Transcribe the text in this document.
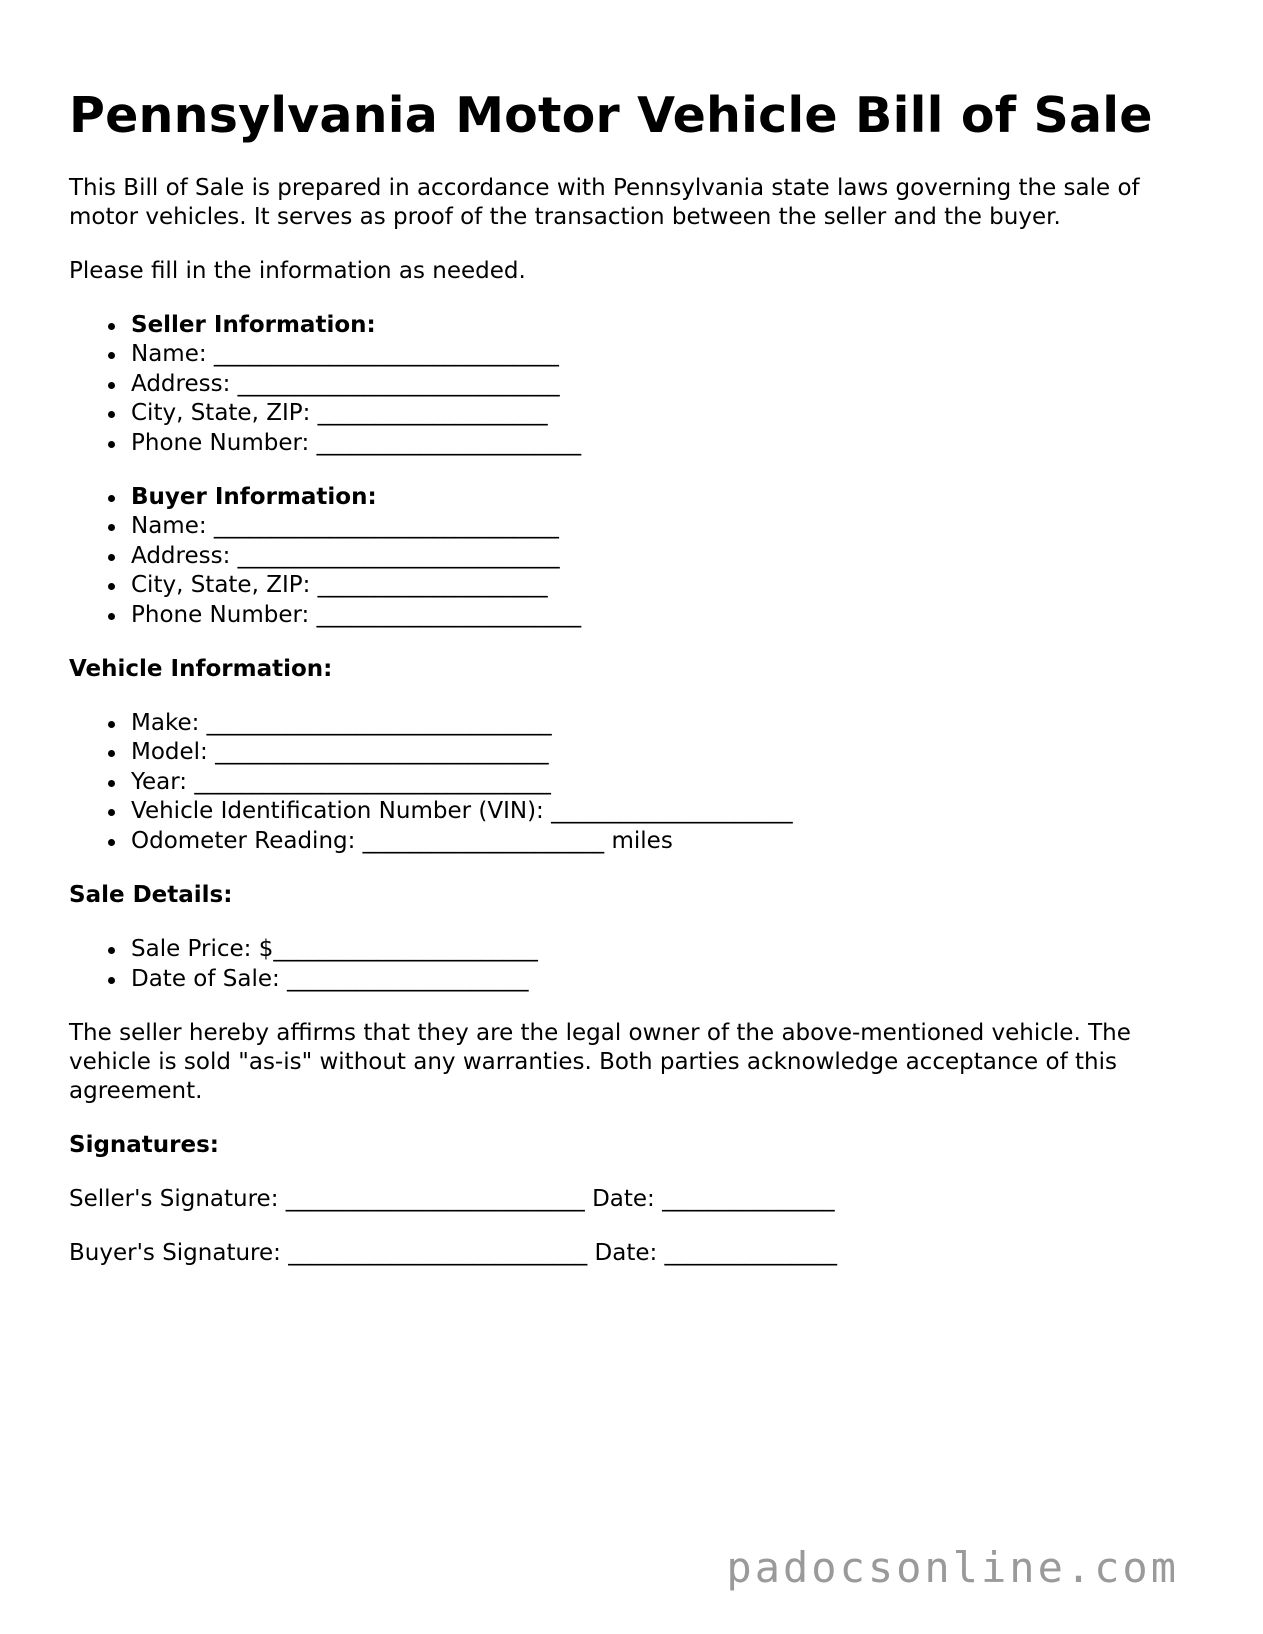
Pennsylvania Motor Vehicle Bill of Sale

This Bill of Sale is prepared in accordance with Pennsylvania state laws governing the sale of motor vehicles. It serves as proof of the transaction between the seller and the buyer.

Please fill in the information as needed.

Seller Information:
Name: ______________________________
Address: ____________________________
City, State, ZIP: ____________________
Phone Number: _______________________
Buyer Information:
Name: ______________________________
Address: ____________________________
City, State, ZIP: ____________________
Phone Number: _______________________
Vehicle Information:
Make: ______________________________
Model: _____________________________
Year: _______________________________
Vehicle Identification Number (VIN): _____________________
Odometer Reading: _____________________ miles
Sale Details:
Sale Price: $_______________________
Date of Sale: _____________________

The seller hereby affirms that they are the legal owner of the above-mentioned vehicle. The vehicle is sold "as-is" without any warranties. Both parties acknowledge acceptance of this agreement.

Signatures:
Seller's Signature: __________________________ Date: _______________
Buyer's Signature: __________________________ Date: _______________
padocsonline.com
